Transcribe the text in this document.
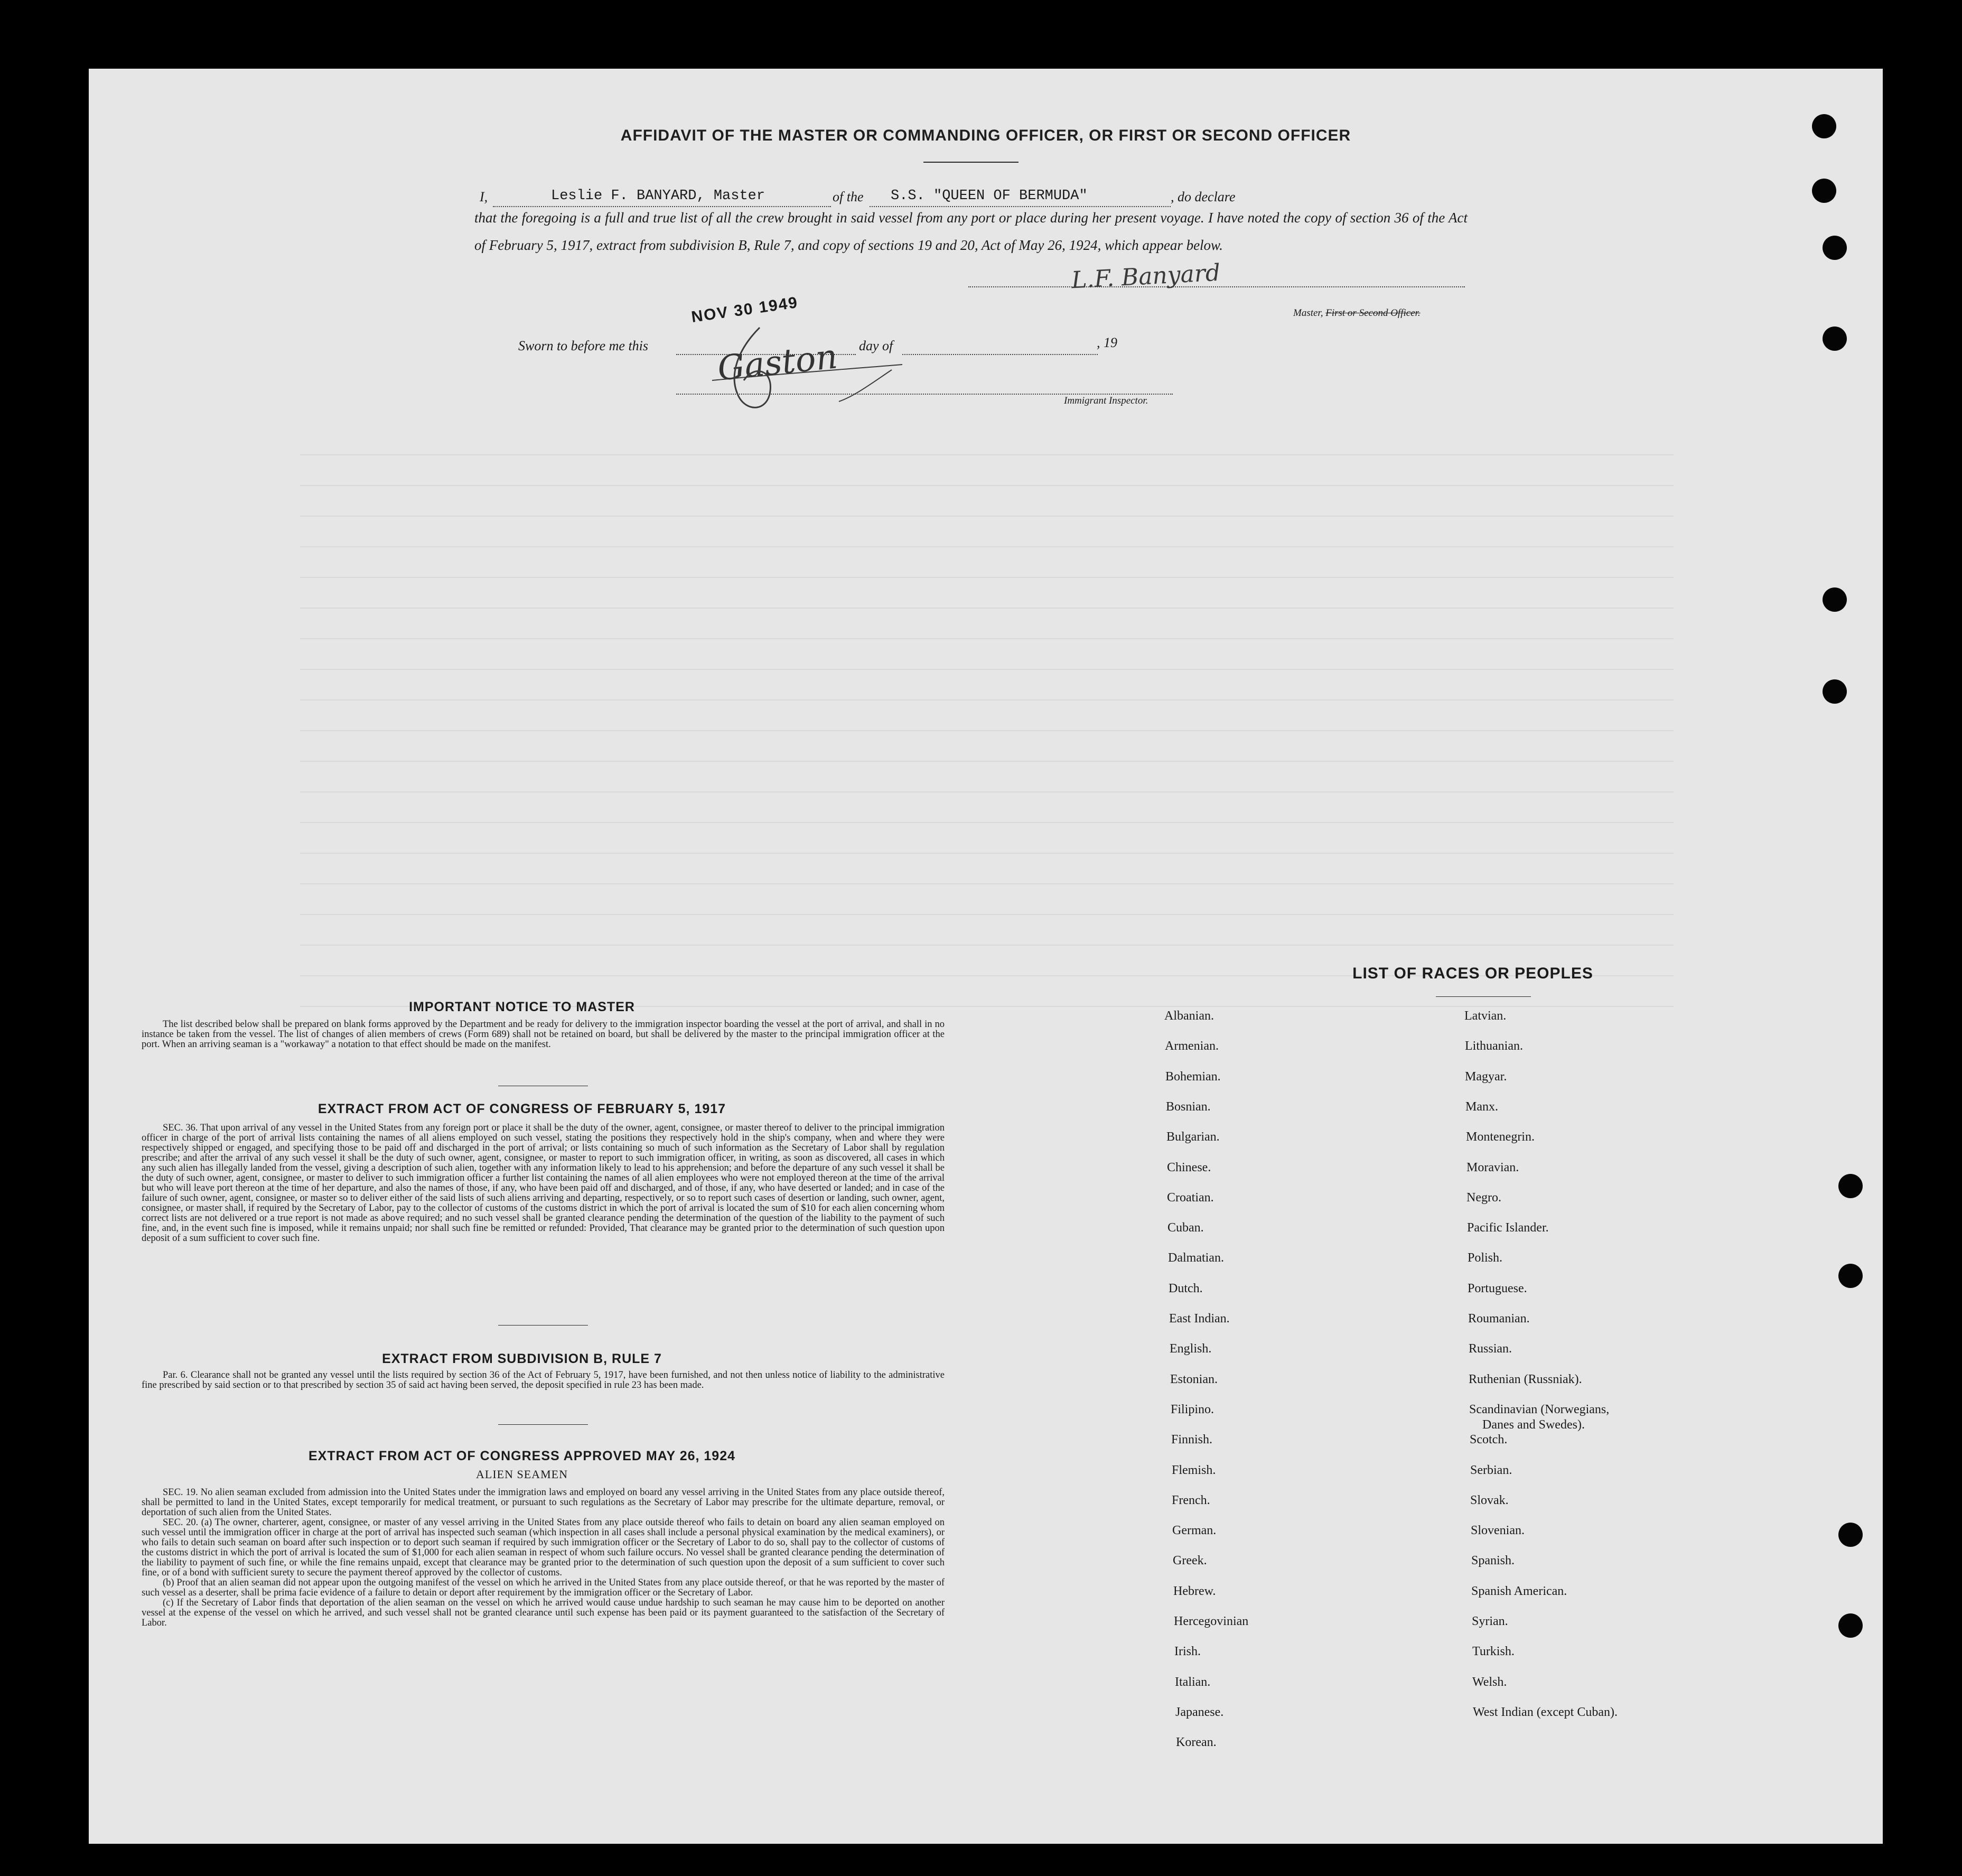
AFFIDAVIT OF THE MASTER OR COMMANDING OFFICER, OR FIRST OR SECOND OFFICER
I,	Leslie F. BANYARD, Master	of the S.S. "QUEEN OF BERMUDA"	, do declare
that the foregoing is a full and true list of all the crew brought in said vessel from any port or place during her present voyage. I have noted the copy of section 36 of the Act of February 5, 1917, extract from subdivision B, Rule 7, and copy of sections 19 and 20, Act of May 26, 1924, which appear below.
L.F. Banyard
Master, First or Second Officer.
Sworn to before me this
NOV 30 1949
day of	, 19
Gaston
Immigrant Inspector.
IMPORTANT NOTICE TO MASTER

The list described below shall be prepared on blank forms approved by the Department and be ready for delivery to the immigration inspector boarding the vessel at the port of arrival, and shall in no instance be taken from the vessel. The list of changes of alien members of crews (Form 689) shall not be retained on board, but shall be delivered by the master to the principal immigration officer at the port. When an arriving seaman is a "workaway" a notation to that effect should be made on the manifest.

EXTRACT FROM ACT OF CONGRESS OF FEBRUARY 5, 1917

SEC. 36. That upon arrival of any vessel in the United States from any foreign port or place it shall be the duty of the owner, agent, consignee, or master thereof to deliver to the principal immigration officer in charge of the port of arrival lists containing the names of all aliens employed on such vessel, stating the positions they respectively hold in the ship's company, when and where they were respectively shipped or engaged, and specifying those to be paid off and discharged in the port of arrival; or lists containing so much of such information as the Secretary of Labor shall by regulation prescribe; and after the arrival of any such vessel it shall be the duty of such owner, agent, consignee, or master to report to such immigration officer, in writing, as soon as discovered, all cases in which any such alien has illegally landed from the vessel, giving a description of such alien, together with any information likely to lead to his apprehension; and before the departure of any such vessel it shall be the duty of such owner, agent, consignee, or master to deliver to such immigration officer a further list containing the names of all alien employees who were not employed thereon at the time of the arrival but who will leave port thereon at the time of her departure, and also the names of those, if any, who have been paid off and discharged, and of those, if any, who have deserted or landed; and in case of the failure of such owner, agent, consignee, or master so to deliver either of the said lists of such aliens arriving and departing, respectively, or so to report such cases of desertion or landing, such owner, agent, consignee, or master shall, if required by the Secretary of Labor, pay to the collector of customs of the customs district in which the port of arrival is located the sum of $10 for each alien concerning whom correct lists are not delivered or a true report is not made as above required; and no such vessel shall be granted clearance pending the determination of the question of the liability to the payment of such fine, and, in the event such fine is imposed, while it remains unpaid; nor shall such fine be remitted or refunded: Provided, That clearance may be granted prior to the determination of such question upon deposit of a sum sufficient to cover such fine.

EXTRACT FROM SUBDIVISION B, RULE 7

Par. 6. Clearance shall not be granted any vessel until the lists required by section 36 of the Act of February 5, 1917, have been furnished, and not then unless notice of liability to the administrative fine prescribed by said section or to that prescribed by section 35 of said act having been served, the deposit specified in rule 23 has been made.

EXTRACT FROM ACT OF CONGRESS APPROVED MAY 26, 1924
ALIEN SEAMEN

SEC. 19. No alien seaman excluded from admission into the United States under the immigration laws and employed on board any vessel arriving in the United States from any place outside thereof, shall be permitted to land in the United States, except temporarily for medical treatment, or pursuant to such regulations as the Secretary of Labor may prescribe for the ultimate departure, removal, or deportation of such alien from the United States.

SEC. 20. (a) The owner, charterer, agent, consignee, or master of any vessel arriving in the United States from any place outside thereof who fails to detain on board any alien seaman employed on such vessel until the immigration officer in charge at the port of arrival has inspected such seaman (which inspection in all cases shall include a personal physical examination by the medical examiners), or who fails to detain such seaman on board after such inspection or to deport such seaman if required by such immigration officer or the Secretary of Labor to do so, shall pay to the collector of customs of the customs district in which the port of arrival is located the sum of $1,000 for each alien seaman in respect of whom such failure occurs. No vessel shall be granted clearance pending the determination of the liability to payment of such fine, or while the fine remains unpaid, except that clearance may be granted prior to the determination of such question upon the deposit of a sum sufficient to cover such fine, or of a bond with sufficient surety to secure the payment thereof approved by the collector of customs.

(b) Proof that an alien seaman did not appear upon the outgoing manifest of the vessel on which he arrived in the United States from any place outside thereof, or that he was reported by the master of such vessel as a deserter, shall be prima facie evidence of a failure to detain or deport after requirement by the immigration officer or the Secretary of Labor.

(c) If the Secretary of Labor finds that deportation of the alien seaman on the vessel on which he arrived would cause undue hardship to such seaman he may cause him to be deported on another vessel at the expense of the vessel on which he arrived, and such vessel shall not be granted clearance until such expense has been paid or its payment guaranteed to the satisfaction of the Secretary of Labor.

LIST OF RACES OR PEOPLES
Albanian.
Armenian.
Bohemian.
Bosnian.
Bulgarian.
Chinese.
Croatian.
Cuban.
Dalmatian.
Dutch.
East Indian.
English.
Estonian.
Filipino.
Finnish.
Flemish.
French.
German.
Greek.
Hebrew.
Hercegovinian
Irish.
Italian.
Japanese.
Korean.
Latvian.
Lithuanian.
Magyar.
Manx.
Montenegrin.
Moravian.
Negro.
Pacific Islander.
Polish.
Portuguese.
Roumanian.
Russian.
Ruthenian (Russniak).
Scandinavian (Norwegians,
Scotch.
Serbian.
Slovak.
Slovenian.
Spanish.
Spanish American.
Syrian.
Turkish.
Welsh.
West Indian (except Cuban).
Danes and Swedes).
